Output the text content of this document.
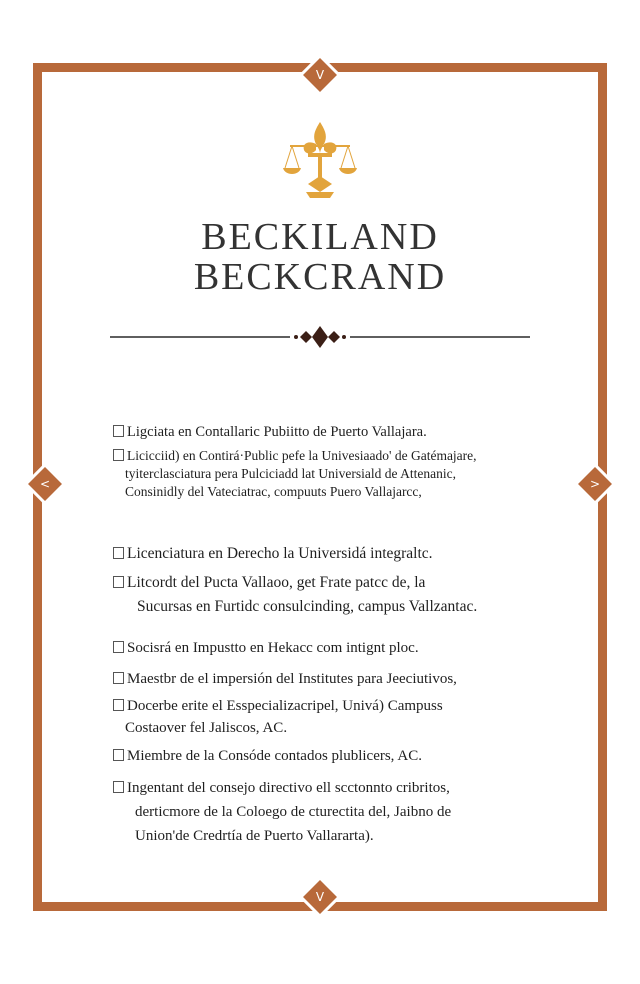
V
V
<	>
BECKILAND
BECKCRAND
Ligciata en Contallaric Pubiitto de Puerto Vallajara.
Licicciid) en Contirá·Public pefe la Univesiaado' de Gatémajare,
tyiterclasciatura pera Pulciciadd lat Universiald de Attenanic,
Consinidly del Vateciatrac, compuuts Puero Vallajarcc,
Licenciatura en Derecho la Universidá integraltc.
Litcordt del Pucta Vallaoo, get Frate patcc de, la
Sucursas en Furtidc consulcinding, campus Vallzantac.
Socisrá en Impustto en Hekacc com intignt ploc.
Maestbr de el impersión del Institutes para Jeeciutivos,
Docerbe erite el Esspecializacripel, Univá) Campuss
Costaover fel Jaliscos, AC.
Miembre de la Consóde contados plublicers, AC.
Ingentant del consejo directivo ell scctonnto cribritos,
derticmore de la Coloego de cturectita del, Jaibno de
Union'de Credrtía de Puerto Vallararta).
